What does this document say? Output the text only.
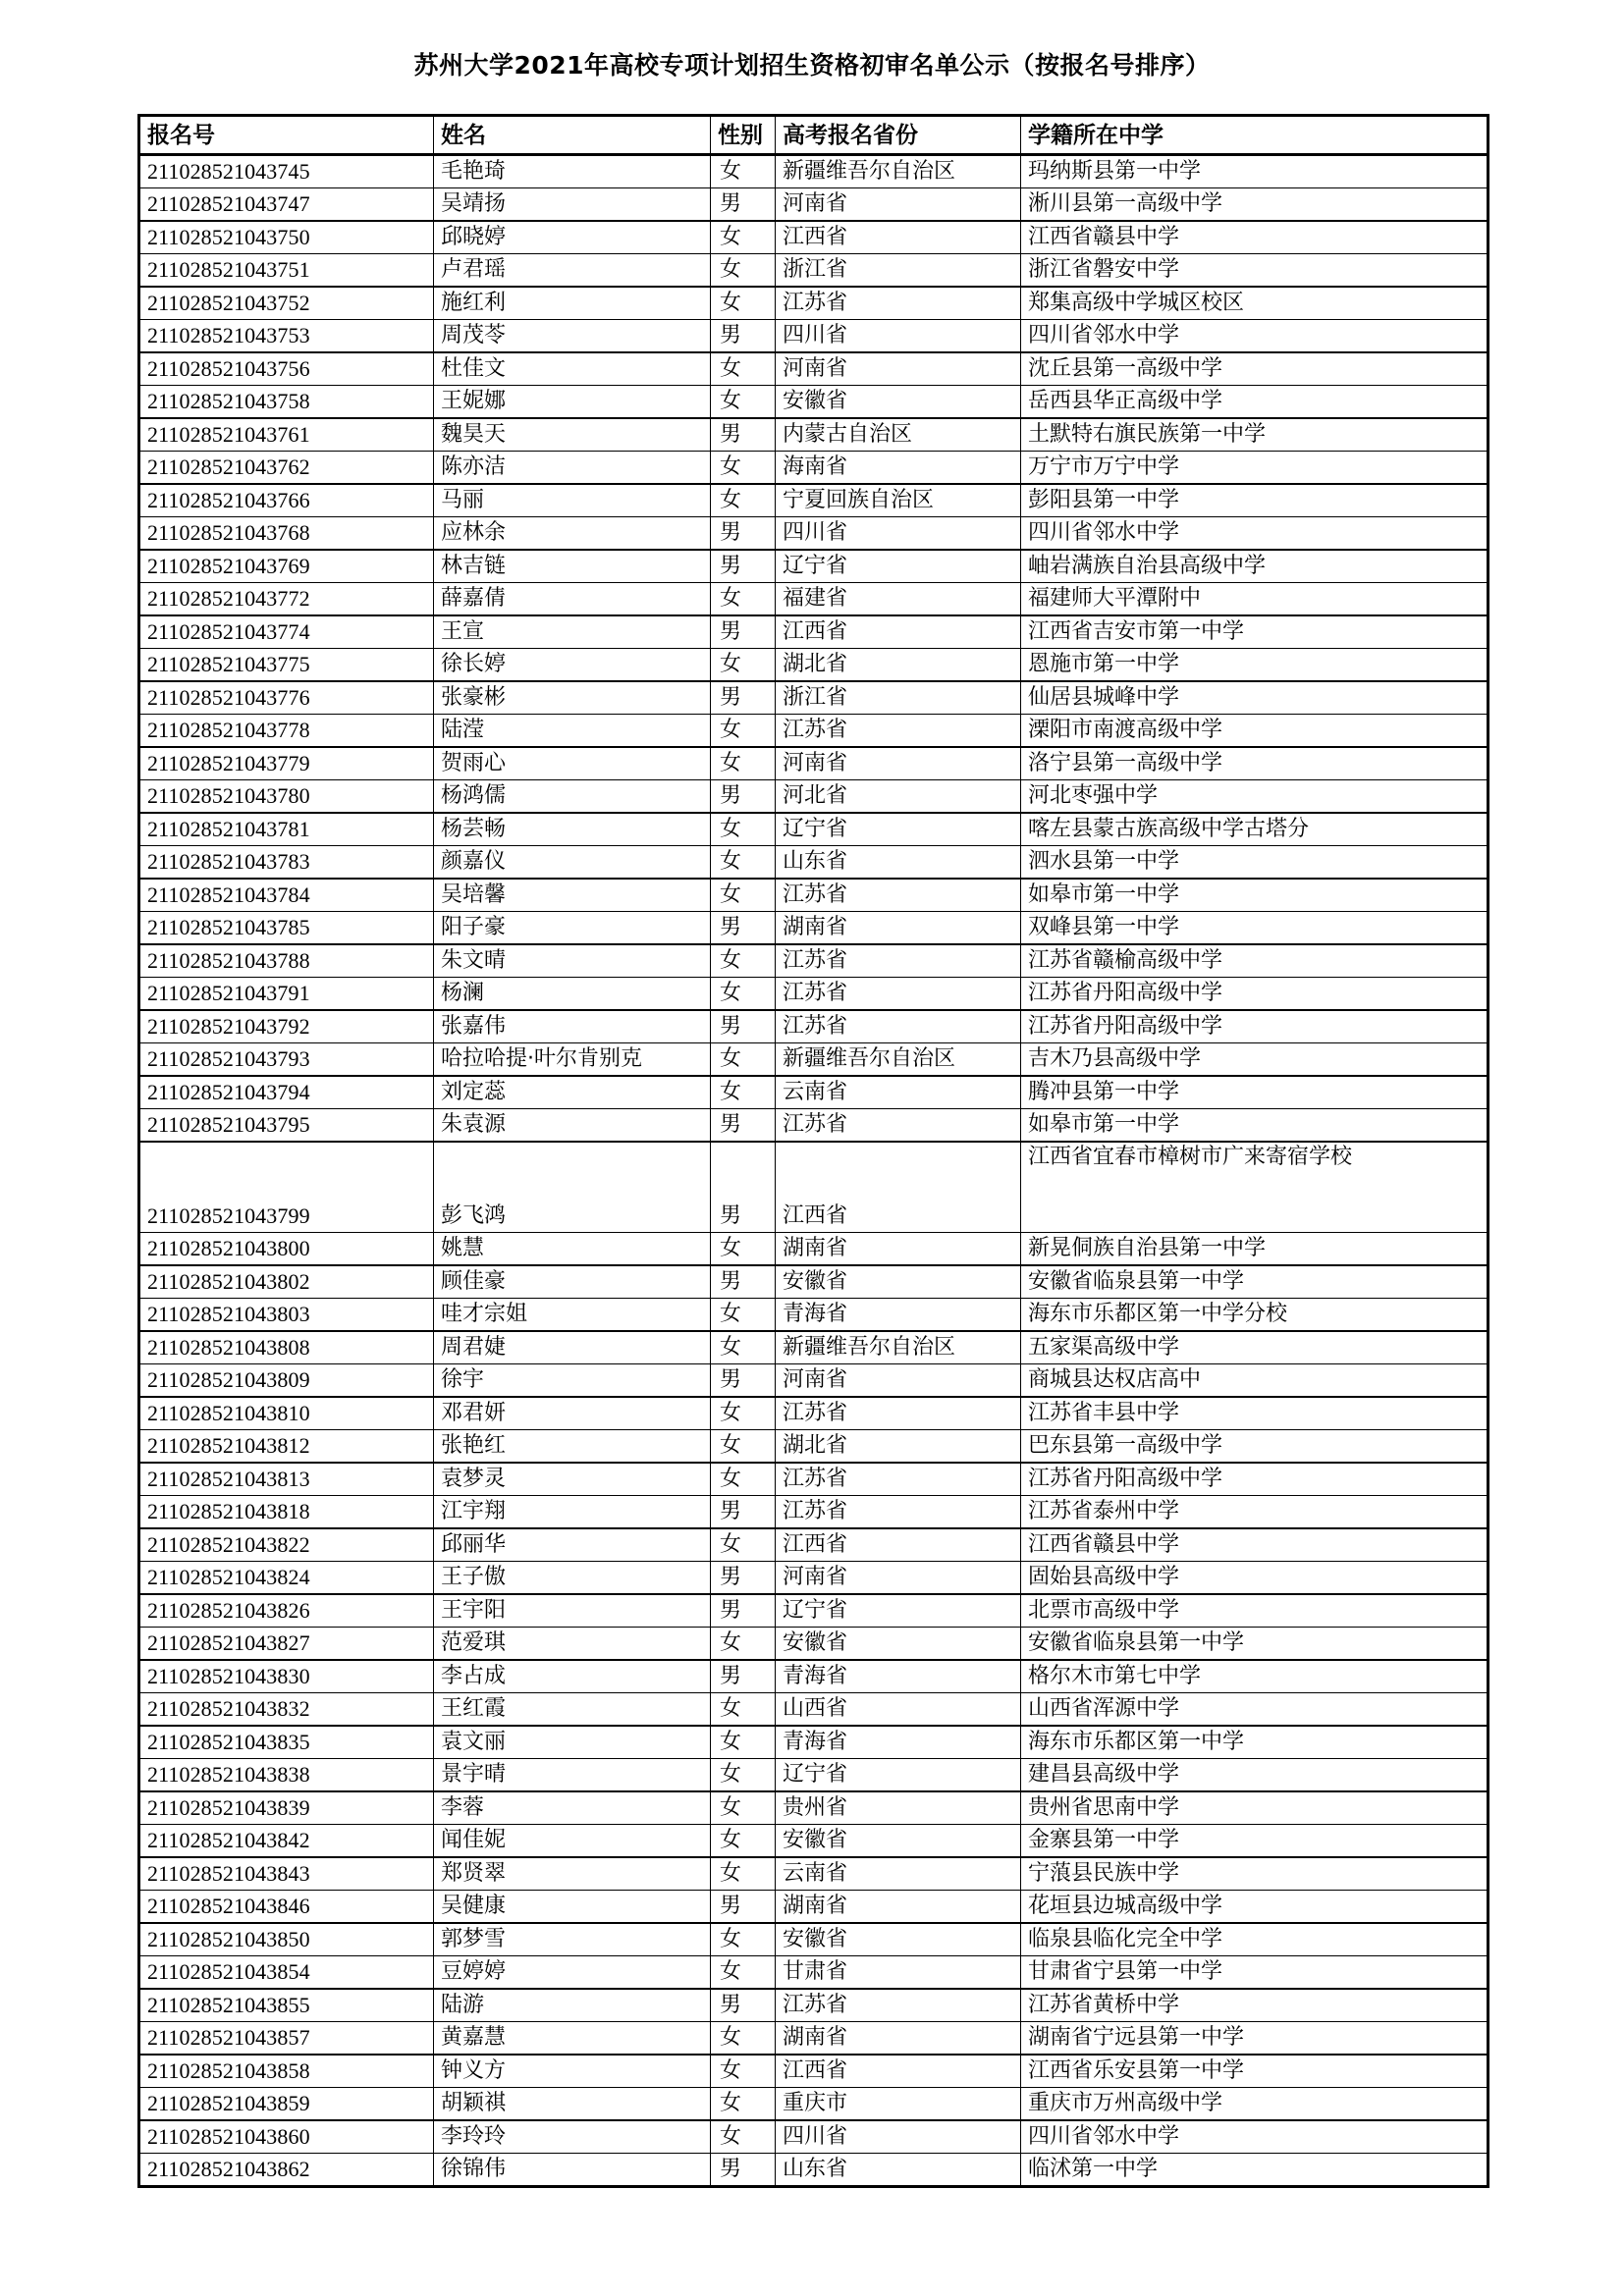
苏州大学2021年高校专项计划招生资格初审名单公示（按报名号排序）
报名号	姓名	性别	高考报名省份	学籍所在中学
211028521043745	毛艳琦	女	新疆维吾尔自治区	玛纳斯县第一中学
211028521043747	吴靖扬	男	河南省	淅川县第一高级中学
211028521043750	邱晓婷	女	江西省	江西省赣县中学
211028521043751	卢君瑶	女	浙江省	浙江省磐安中学
211028521043752	施红利	女	江苏省	郑集高级中学城区校区
211028521043753	周茂苓	男	四川省	四川省邻水中学
211028521043756	杜佳文	女	河南省	沈丘县第一高级中学
211028521043758	王妮娜	女	安徽省	岳西县华正高级中学
211028521043761	魏昊天	男	内蒙古自治区	土默特右旗民族第一中学
211028521043762	陈亦洁	女	海南省	万宁市万宁中学
211028521043766	马丽	女	宁夏回族自治区	彭阳县第一中学
211028521043768	应林余	男	四川省	四川省邻水中学
211028521043769	林吉链	男	辽宁省	岫岩满族自治县高级中学
211028521043772	薛嘉倩	女	福建省	福建师大平潭附中
211028521043774	王宣	男	江西省	江西省吉安市第一中学
211028521043775	徐长婷	女	湖北省	恩施市第一中学
211028521043776	张豪彬	男	浙江省	仙居县城峰中学
211028521043778	陆滢	女	江苏省	溧阳市南渡高级中学
211028521043779	贺雨心	女	河南省	洛宁县第一高级中学
211028521043780	杨鸿儒	男	河北省	河北枣强中学
211028521043781	杨芸畅	女	辽宁省	喀左县蒙古族高级中学古塔分
211028521043783	颜嘉仪	女	山东省	泗水县第一中学
211028521043784	吴培馨	女	江苏省	如皋市第一中学
211028521043785	阳子豪	男	湖南省	双峰县第一中学
211028521043788	朱文晴	女	江苏省	江苏省赣榆高级中学
211028521043791	杨澜	女	江苏省	江苏省丹阳高级中学
211028521043792	张嘉伟	男	江苏省	江苏省丹阳高级中学
211028521043793	哈拉哈提·叶尔肯别克	女	新疆维吾尔自治区	吉木乃县高级中学
211028521043794	刘定蕊	女	云南省	腾冲县第一中学
211028521043795	朱袁源	男	江苏省	如皋市第一中学
211028521043799	彭飞鸿	男	江西省	江西省宜春市樟树市广来寄宿学校
211028521043800	姚慧	女	湖南省	新晃侗族自治县第一中学
211028521043802	顾佳豪	男	安徽省	安徽省临泉县第一中学
211028521043803	哇才宗姐	女	青海省	海东市乐都区第一中学分校
211028521043808	周君婕	女	新疆维吾尔自治区	五家渠高级中学
211028521043809	徐宇	男	河南省	商城县达权店高中
211028521043810	邓君妍	女	江苏省	江苏省丰县中学
211028521043812	张艳红	女	湖北省	巴东县第一高级中学
211028521043813	袁梦灵	女	江苏省	江苏省丹阳高级中学
211028521043818	江宇翔	男	江苏省	江苏省泰州中学
211028521043822	邱丽华	女	江西省	江西省赣县中学
211028521043824	王子傲	男	河南省	固始县高级中学
211028521043826	王宇阳	男	辽宁省	北票市高级中学
211028521043827	范爱琪	女	安徽省	安徽省临泉县第一中学
211028521043830	李占成	男	青海省	格尔木市第七中学
211028521043832	王红霞	女	山西省	山西省浑源中学
211028521043835	袁文丽	女	青海省	海东市乐都区第一中学
211028521043838	景宇晴	女	辽宁省	建昌县高级中学
211028521043839	李蓉	女	贵州省	贵州省思南中学
211028521043842	闻佳妮	女	安徽省	金寨县第一中学
211028521043843	郑贤翠	女	云南省	宁蒗县民族中学
211028521043846	吴健康	男	湖南省	花垣县边城高级中学
211028521043850	郭梦雪	女	安徽省	临泉县临化完全中学
211028521043854	豆婷婷	女	甘肃省	甘肃省宁县第一中学
211028521043855	陆游	男	江苏省	江苏省黄桥中学
211028521043857	黄嘉慧	女	湖南省	湖南省宁远县第一中学
211028521043858	钟义方	女	江西省	江西省乐安县第一中学
211028521043859	胡颖祺	女	重庆市	重庆市万州高级中学
211028521043860	李玲玲	女	四川省	四川省邻水中学
211028521043862	徐锦伟	男	山东省	临沭第一中学
